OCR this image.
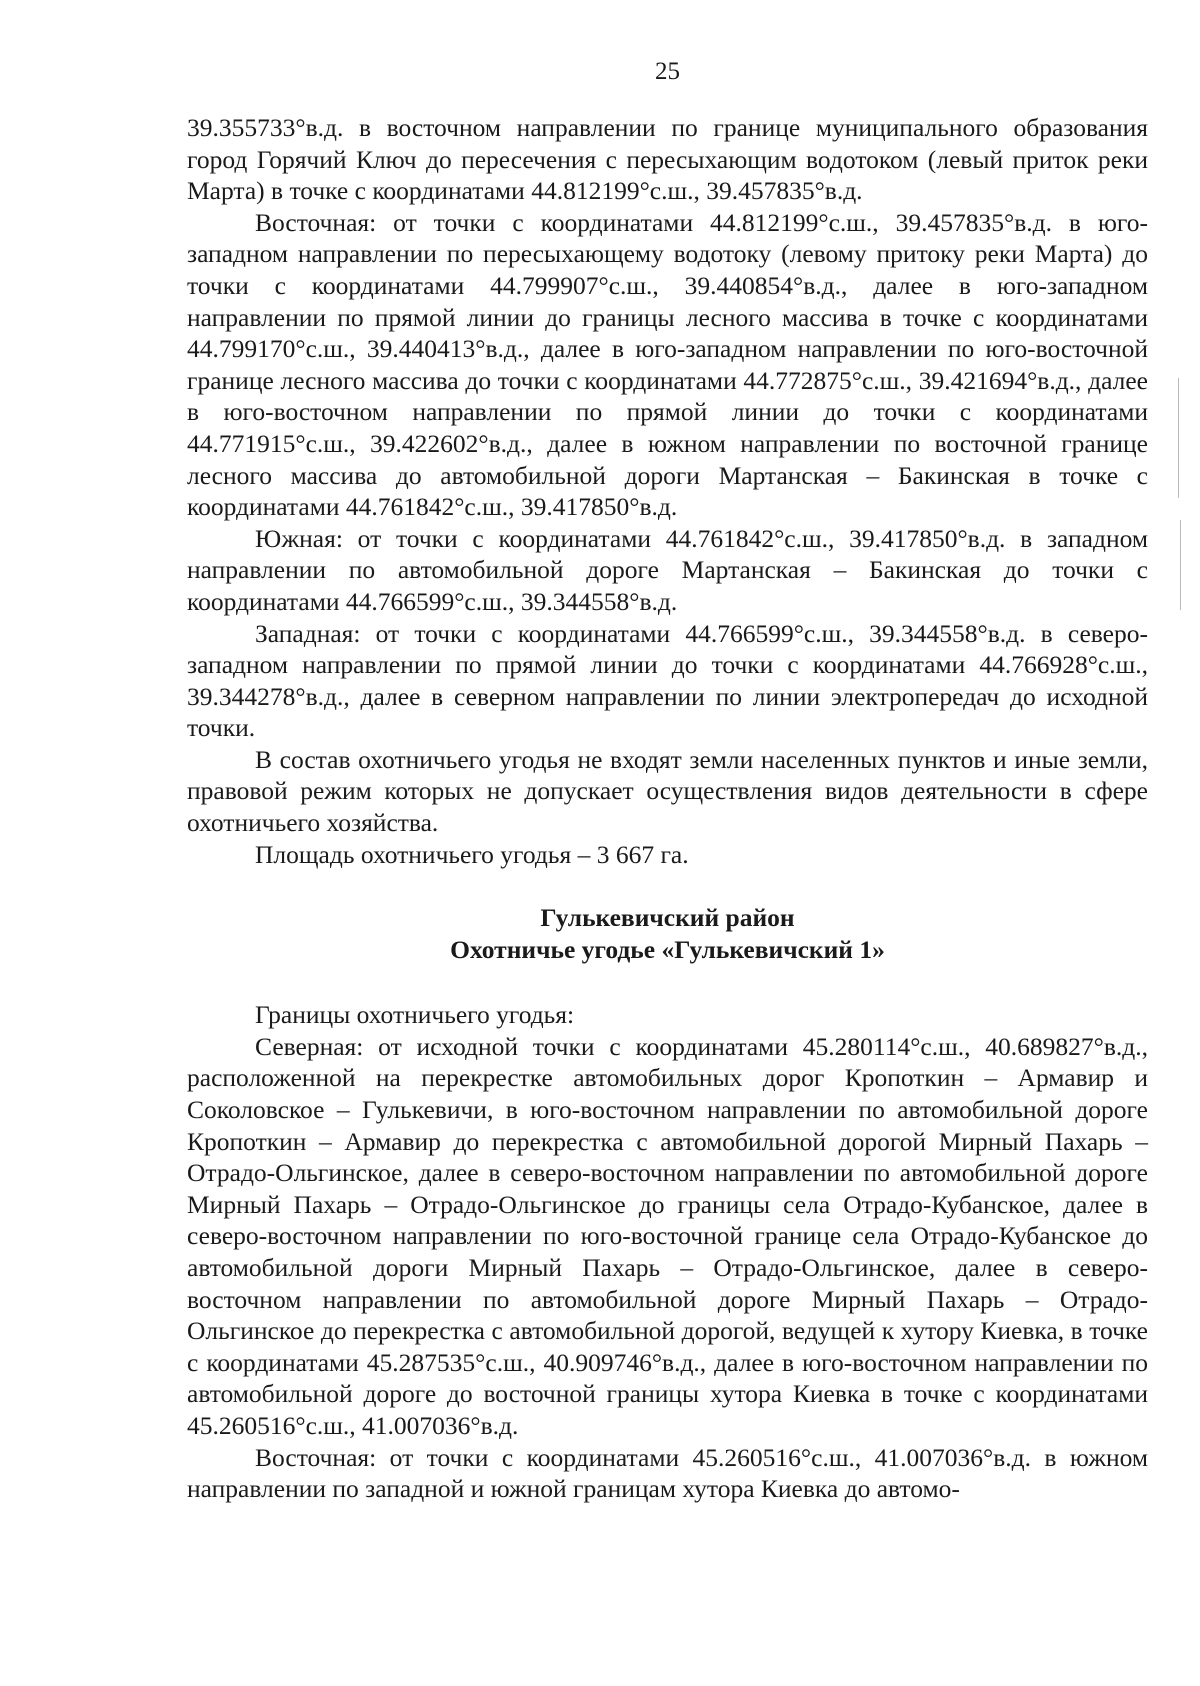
25

39.355733°в.д. в восточном направлении по границе муниципального образования город Горячий Ключ до пересечения с пересыхающим водотоком (левый приток реки Марта) в точке с координатами 44.812199°с.ш., 39.457835°в.д.

Восточная: от точки с координатами 44.812199°с.ш., 39.457835°в.д. в юго-западном направлении по пересыхающему водотоку (левому притоку реки Марта) до точки с координатами 44.799907°с.ш., 39.440854°в.д., далее в юго-западном направлении по прямой линии до границы лесного массива в точке с координатами 44.799170°с.ш., 39.440413°в.д., далее в юго-западном направлении по юго-восточной границе лесного массива до точки с координатами 44.772875°с.ш., 39.421694°в.д., далее в юго-восточном направлении по прямой линии до точки с координатами 44.771915°с.ш., 39.422602°в.д., далее в южном направлении по восточной границе лесного массива до автомобильной дороги Мартанская – Бакинская в точке с координатами 44.761842°с.ш., 39.417850°в.д.

Южная: от точки с координатами 44.761842°с.ш., 39.417850°в.д. в западном направлении по автомобильной дороге Мартанская – Бакинская до точки с координатами 44.766599°с.ш., 39.344558°в.д.

Западная: от точки с координатами 44.766599°с.ш., 39.344558°в.д. в северо-западном направлении по прямой линии до точки с координатами 44.766928°с.ш., 39.344278°в.д., далее в северном направлении по линии электропередач до исходной точки.

В состав охотничьего угодья не входят земли населенных пунктов и иные земли, правовой режим которых не допускает осуществления видов деятельности в сфере охотничьего хозяйства.

Площадь охотничьего угодья – 3 667 га.

Гулькевичский район
Охотничье угодье «Гулькевичский 1»

Границы охотничьего угодья:

Северная: от исходной точки с координатами 45.280114°с.ш., 40.689827°в.д., расположенной на перекрестке автомобильных дорог Кропоткин – Армавир и Соколовское – Гулькевичи, в юго-восточном направлении по автомобильной дороге Кропоткин – Армавир до перекрестка с автомобильной дорогой Мирный Пахарь – Отрадо-Ольгинское, далее в северо-восточном направлении по автомобильной дороге Мирный Пахарь – Отрадо-Ольгинское до границы села Отрадо-Кубанское, далее в северо-восточном направлении по юго-восточной границе села Отрадо-Кубанское до автомобильной дороги Мирный Пахарь – Отрадо-Ольгинское, далее в северо-восточном направлении по автомобильной дороге Мирный Пахарь – Отрадо-Ольгинское до перекрестка с автомобильной дорогой, ведущей к хутору Киевка, в точке с координатами 45.287535°с.ш., 40.909746°в.д., далее в юго-восточном направлении по автомобильной дороге до восточной границы хутора Киевка в точке с координатами 45.260516°с.ш., 41.007036°в.д.

Восточная: от точки с координатами 45.260516°с.ш., 41.007036°в.д. в южном направлении по западной и южной границам хутора Киевка до автомо-
